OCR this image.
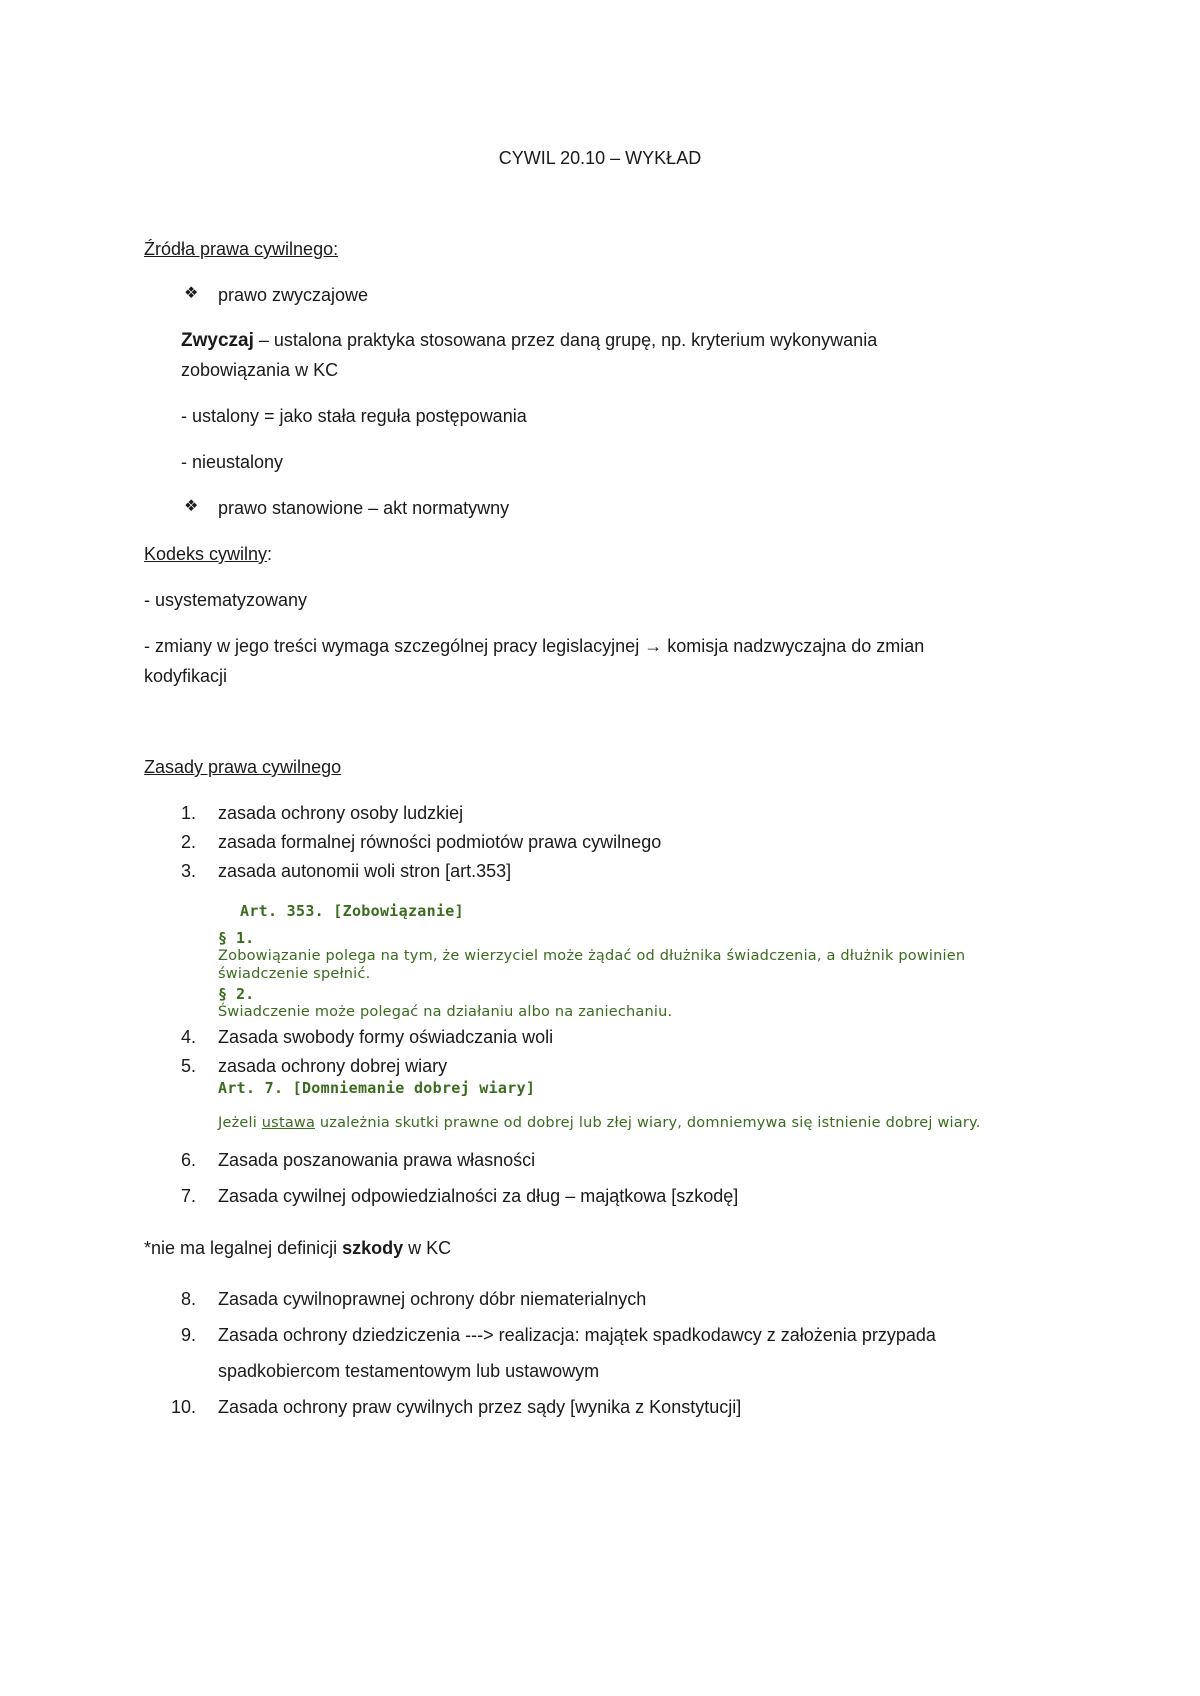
CYWIL 20.10 – WYKŁAD
Źródła prawa cywilnego:
❖ prawo zwyczajowe
Zwyczaj – ustalona praktyka stosowana przez daną grupę, np. kryterium wykonywania
zobowiązania w KC
- ustalony = jako stała reguła postępowania
- nieustalony
❖ prawo stanowione – akt normatywny
Kodeks cywilny:
- usystematyzowany
- zmiany w jego treści wymaga szczególnej pracy legislacyjnej → komisja nadzwyczajna do zmian
kodyfikacji
Zasady prawa cywilnego
1. zasada ochrony osoby ludzkiej
2. zasada formalnej równości podmiotów prawa cywilnego
3. zasada autonomii woli stron [art.353]
Art. 353. [Zobowiązanie]
§ 1.
Zobowiązanie polega na tym, że wierzyciel może żądać od dłużnika świadczenia, a dłużnik powinien
świadczenie spełnić.
§ 2.
Świadczenie może polegać na działaniu albo na zaniechaniu.
4. Zasada swobody formy oświadczania woli
5. zasada ochrony dobrej wiary
Art. 7. [Domniemanie dobrej wiary]
Jeżeli ustawa uzależnia skutki prawne od dobrej lub złej wiary, domniemywa się istnienie dobrej wiary.
6. Zasada poszanowania prawa własności
7. Zasada cywilnej odpowiedzialności za dług – majątkowa [szkodę]
*nie ma legalnej definicji szkody w KC
8. Zasada cywilnoprawnej ochrony dóbr niematerialnych
9. Zasada ochrony dziedziczenia ---> realizacja: majątek spadkodawcy z założenia przypada
spadkobiercom testamentowym lub ustawowym
10. Zasada ochrony praw cywilnych przez sądy [wynika z Konstytucji]
